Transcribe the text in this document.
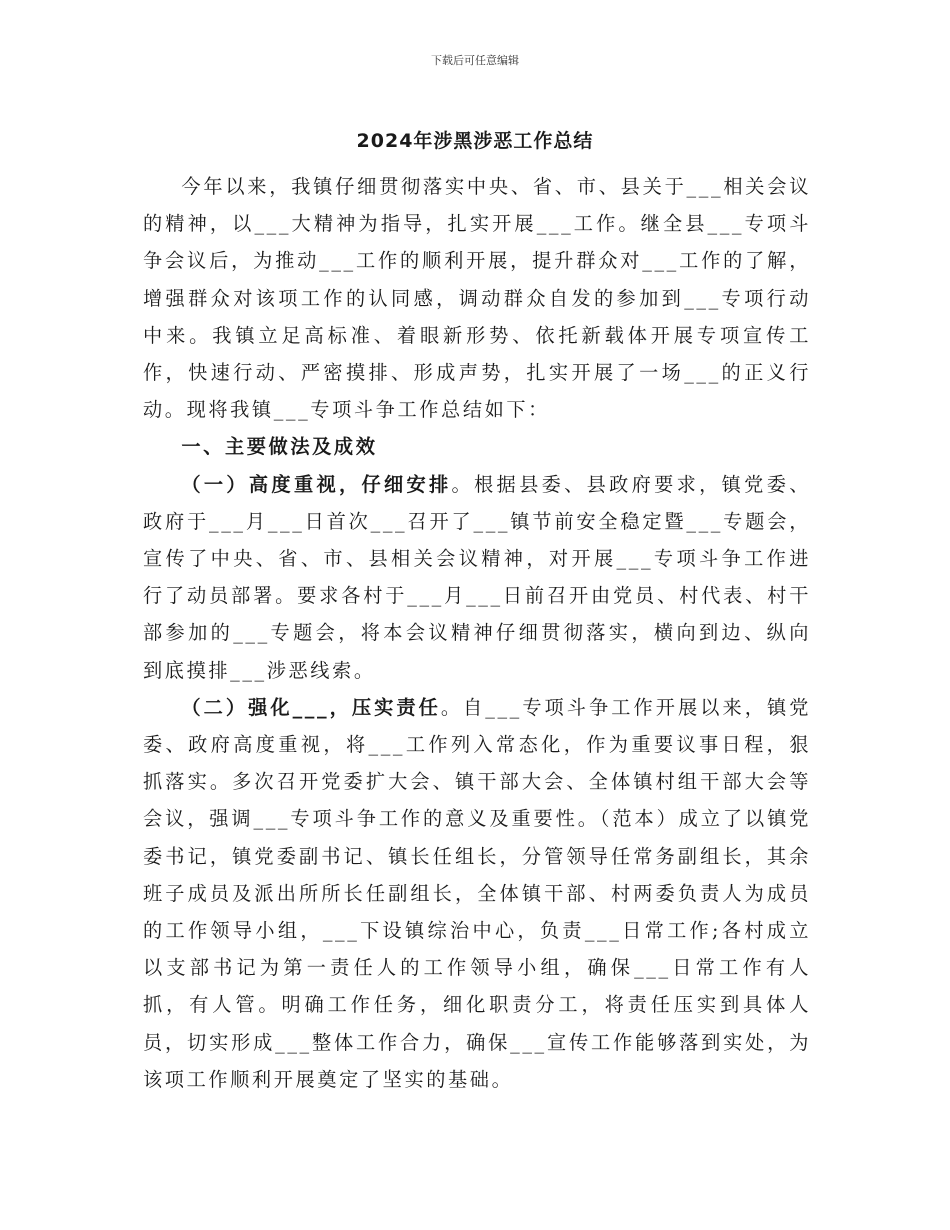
下载后可任意编辑
2024年涉黑涉恶工作总结

今年以来，我镇仔细贯彻落实中央、省、市、县关于___相关会议的精神，以___大精神为指导，扎实开展___工作。继全县___专项斗争会议后，为推动___工作的顺利开展，提升群众对___工作的了解，增强群众对该项工作的认同感，调动群众自发的参加到___专项行动中来。我镇立足高标准、着眼新形势、依托新载体开展专项宣传工作，快速行动、严密摸排、形成声势，扎实开展了一场___的正义行动。现将我镇___专项斗争工作总结如下：

一、主要做法及成效

（一）高度重视，仔细安排。根据县委、县政府要求，镇党委、政府于___月___日首次___召开了___镇节前安全稳定暨___专题会，宣传了中央、省、市、县相关会议精神，对开展___专项斗争工作进行了动员部署。要求各村于___月___日前召开由党员、村代表、村干部参加的___专题会，将本会议精神仔细贯彻落实，横向到边、纵向到底摸排___涉恶线索。

（二）强化___，压实责任。自___专项斗争工作开展以来，镇党委、政府高度重视，将___工作列入常态化，作为重要议事日程，狠抓落实。多次召开党委扩大会、镇干部大会、全体镇村组干部大会等会议，强调___专项斗争工作的意义及重要性。（范本）成立了以镇党委书记，镇党委副书记、镇长任组长，分管领导任常务副组长，其余班子成员及派出所所长任副组长，全体镇干部、村两委负责人为成员的工作领导小组，___下设镇综治中心，负责___日常工作;各村成立以支部书记为第一责任人的工作领导小组，确保___日常工作有人抓，有人管。明确工作任务，细化职责分工，将责任压实到具体人员，切实形成___整体工作合力，确保___宣传工作能够落到实处，为该项工作顺利开展奠定了坚实的基础。
